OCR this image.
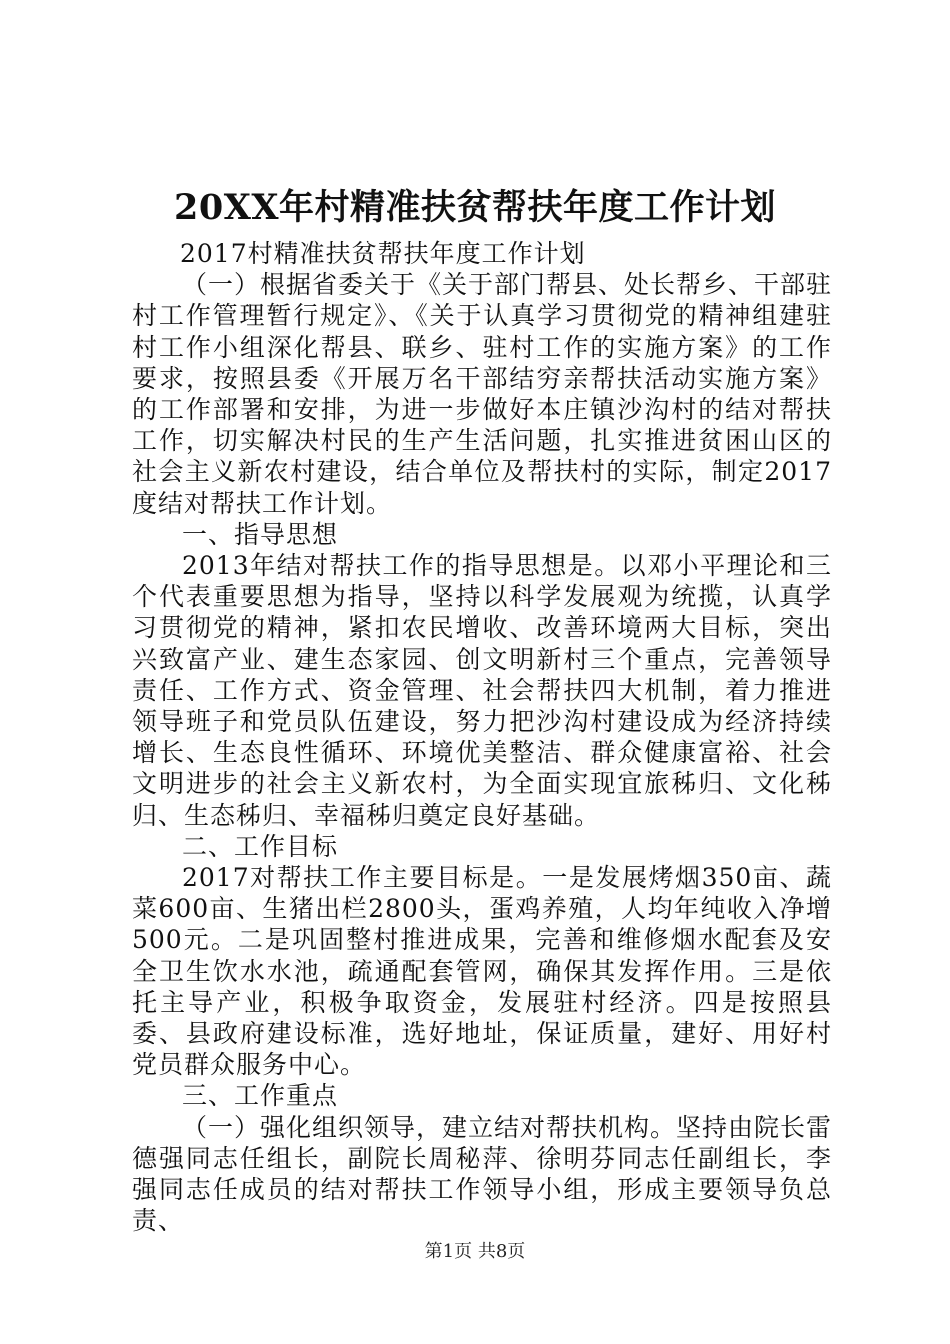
20XX年村精准扶贫帮扶年度工作计划

2017村精准扶贫帮扶年度工作计划

（一）根据省委关于《关于部门帮县、处长帮乡、干部驻村工作管理暂行规定》、《关于认真学习贯彻党的精神组建驻村工作小组深化帮县、联乡、驻村工作的实施方案》的工作要求，按照县委《开展万名干部结穷亲帮扶活动实施方案》的工作部署和安排，为进一步做好本庄镇沙沟村的结对帮扶工作，切实解决村民的生产生活问题，扎实推进贫困山区的社会主义新农村建设，结合单位及帮扶村的实际，制定2017度结对帮扶工作计划。

一、指导思想

2013年结对帮扶工作的指导思想是。以邓小平理论和三个代表重要思想为指导，坚持以科学发展观为统揽，认真学习贯彻党的精神，紧扣农民增收、改善环境两大目标，突出兴致富产业、建生态家园、创文明新村三个重点，完善领导责任、工作方式、资金管理、社会帮扶四大机制，着力推进领导班子和党员队伍建设，努力把沙沟村建设成为经济持续增长、生态良性循环、环境优美整洁、群众健康富裕、社会文明进步的社会主义新农村，为全面实现宜旅秭归、文化秭归、生态秭归、幸福秭归奠定良好基础。

二、工作目标

2017对帮扶工作主要目标是。一是发展烤烟350亩、蔬菜600亩、生猪出栏2800头，蛋鸡养殖，人均年纯收入净增500元。二是巩固整村推进成果，完善和维修烟水配套及安全卫生饮水水池，疏通配套管网，确保其发挥作用。三是依托主导产业，积极争取资金，发展驻村经济。四是按照县委、县政府建设标准，选好地址，保证质量，建好、用好村党员群众服务中心。

三、工作重点

（一）强化组织领导，建立结对帮扶机构。坚持由院长雷德强同志任组长，副院长周秘萍、徐明芬同志任副组长，李强同志任成员的结对帮扶工作领导小组，形成主要领导负总责、

第1页 共8页
